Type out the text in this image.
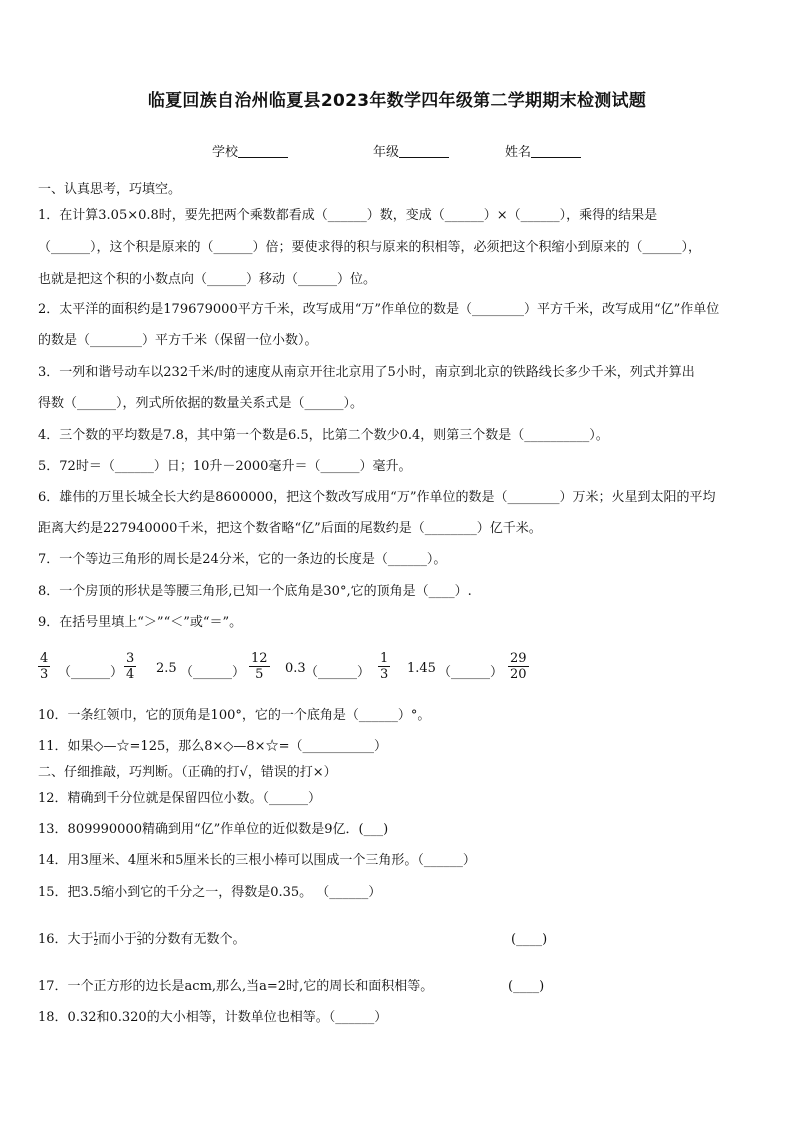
临夏回族自治州临夏县2023年数学四年级第二学期期末检测试题
学校	年级	姓名
一、认真思考，巧填空。
1．在计算3.05×0.8时，要先把两个乘数都看成（______）数，变成（______）×（______），乘得的结果是
（______），这个积是原来的（______）倍；要使求得的积与原来的积相等，必须把这个积缩小到原来的（______），
也就是把这个积的小数点向（______）移动（______）位。
2．太平洋的面积约是179679000平方千米，改写成用“万”作单位的数是（________）平方千米，改写成用“亿”作单位
的数是（________）平方千米（保留一位小数）。
3．一列和谐号动车以232千米/时的速度从南京开往北京用了5小时，南京到北京的铁路线长多少千米，列式并算出
得数（______），列式所依据的数量关系式是（______）。
4．三个数的平均数是7.8，其中第一个数是6.5，比第二个数少0.4，则第三个数是（__________）。
5．72时＝（______）日；10升－2000毫升＝（______）毫升。
6．雄伟的万里长城全长大约是8600000，把这个数改写成用“万”作单位的数是（________）万米；火星到太阳的平均
距离大约是227940000千米，把这个数省略“亿”后面的尾数约是（________）亿千米。
7．一个等边三角形的周长是24分米，它的一条边的长度是（______）。
8．一个房顶的形状是等腰三角形,已知一个底角是30°,它的顶角是（____）.
9．在括号里填上“＞”“＜”或“＝”。
$\frac{4}{3}$ （______） $\frac{3}{4} 2.5$ （______） $\frac{12}{5} 0.3$ （______） $\frac{1}{3} 1.45$ （______） $\frac{29}{20}$
10．一条红领巾，它的顶角是100°，它的一个底角是（______）°。
11．如果◇—☆=125，那么8×◇—8×☆=（___________）
二、仔细推敲，巧判断。（正确的打√，错误的打×）
12．精确到千分位就是保留四位小数。（______）
13．809990000精确到用“亿”作单位的近似数是9亿．(___)
14．用3厘米、4厘米和5厘米长的三根小棒可以围成一个三角形。（______）
15．把3.5缩小到它的千分之一，得数是0.35。 （______）
16．大于 $\frac{1}{2}$ 而小于 $\frac{2}{3}$ 的分数有无数个。	(____)
17．一个正方形的边长是acm,那么,当a=2时,它的周长和面积相等。	(____)
18．0.32和0.320的大小相等，计数单位也相等。（______）
